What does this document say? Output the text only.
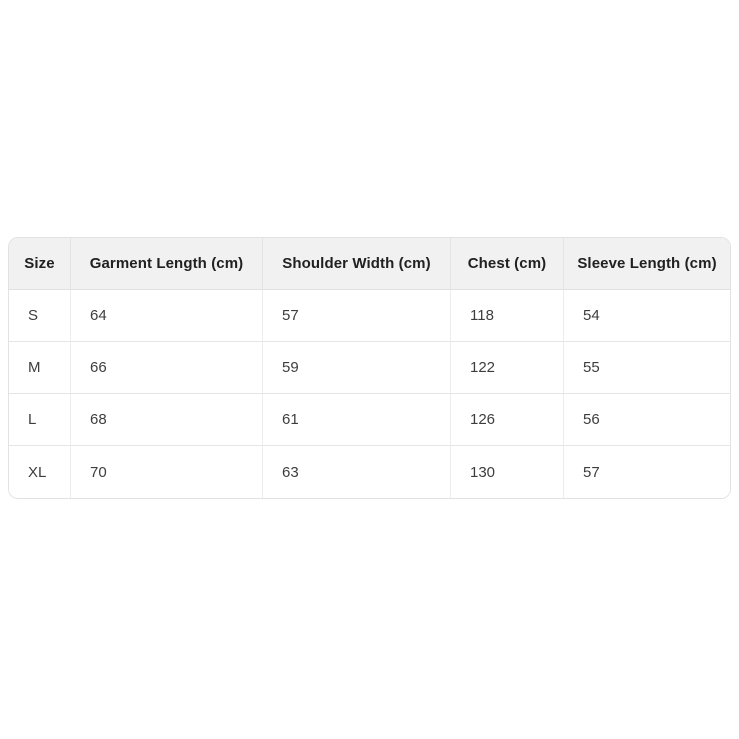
Size	Garment Length (cm)	Shoulder Width (cm)	Chest (cm)	Sleeve Length (cm)
S	64	57	118	54
M	66	59	122	55
L	68	61	126	56
XL	70	63	130	57
